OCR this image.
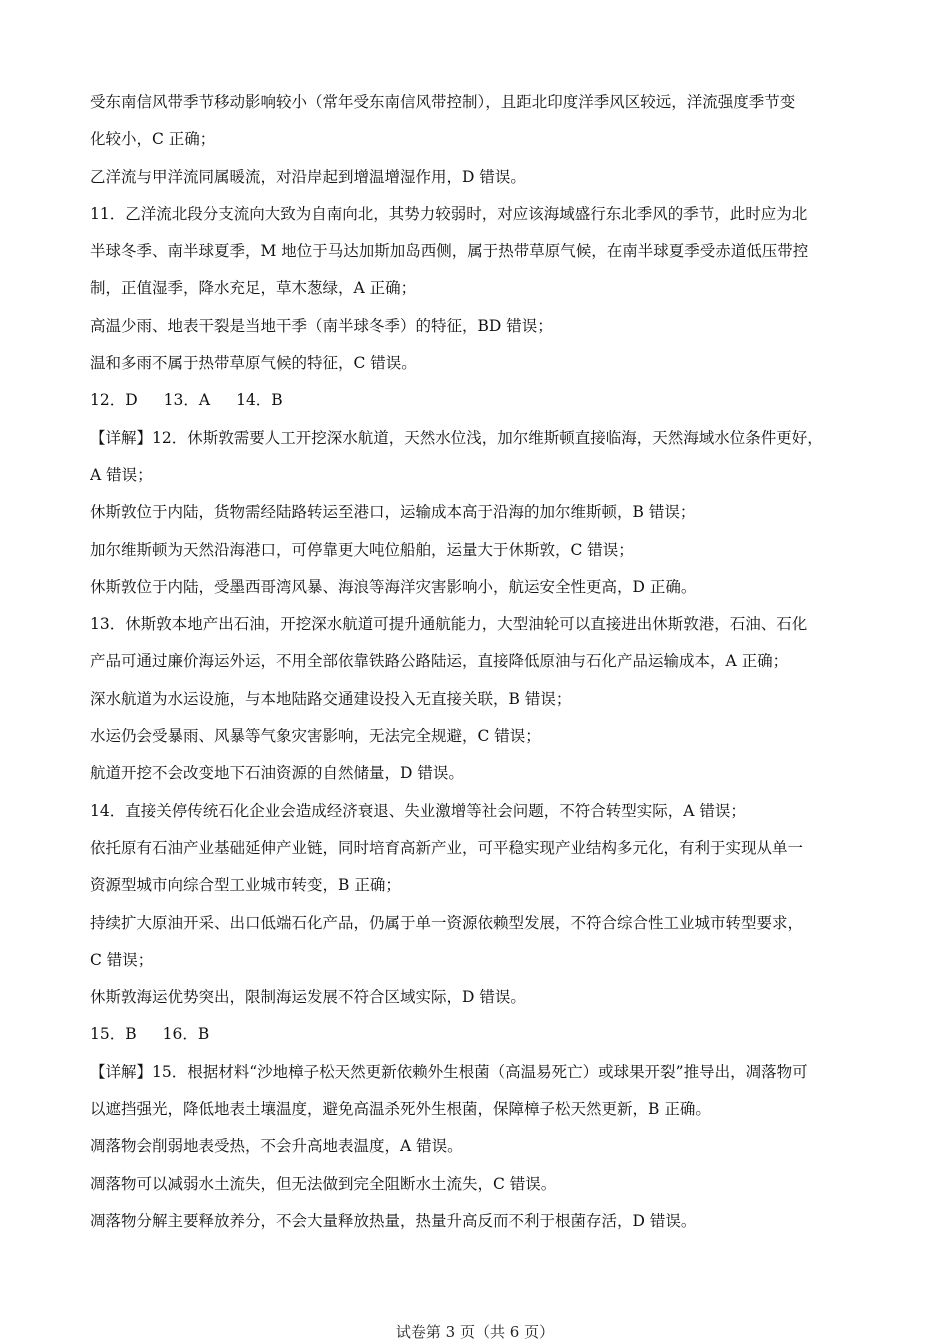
受东南信风带季节移动影响较小（常年受东南信风带控制），且距北印度洋季风区较远，洋流强度季节变
化较小，C 正确；
乙洋流与甲洋流同属暖流，对沿岸起到增温增湿作用，D 错误。
11．乙洋流北段分支流向大致为自南向北，其势力较弱时，对应该海域盛行东北季风的季节，此时应为北
半球冬季、南半球夏季，M 地位于马达加斯加岛西侧，属于热带草原气候，在南半球夏季受赤道低压带控
制，正值湿季，降水充足，草木葱绿，A 正确；
高温少雨、地表干裂是当地干季（南半球冬季）的特征，BD 错误；
温和多雨不属于热带草原气候的特征，C 错误。
12．D 13．A 14．B
【详解】12．休斯敦需要人工开挖深水航道，天然水位浅，加尔维斯顿直接临海，天然海域水位条件更好，
A 错误；
休斯敦位于内陆，货物需经陆路转运至港口，运输成本高于沿海的加尔维斯顿，B 错误；
加尔维斯顿为天然沿海港口，可停靠更大吨位船舶，运量大于休斯敦，C 错误；
休斯敦位于内陆，受墨西哥湾风暴、海浪等海洋灾害影响小，航运安全性更高，D 正确。
13．休斯敦本地产出石油，开挖深水航道可提升通航能力，大型油轮可以直接进出休斯敦港，石油、石化
产品可通过廉价海运外运，不用全部依靠铁路公路陆运，直接降低原油与石化产品运输成本，A 正确；
深水航道为水运设施，与本地陆路交通建设投入无直接关联，B 错误；
水运仍会受暴雨、风暴等气象灾害影响，无法完全规避，C 错误；
航道开挖不会改变地下石油资源的自然储量，D 错误。
14．直接关停传统石化企业会造成经济衰退、失业激增等社会问题，不符合转型实际，A 错误；
依托原有石油产业基础延伸产业链，同时培育高新产业，可平稳实现产业结构多元化，有利于实现从单一
资源型城市向综合型工业城市转变，B 正确；
持续扩大原油开采、出口低端石化产品，仍属于单一资源依赖型发展，不符合综合性工业城市转型要求，
C 错误；
休斯敦海运优势突出，限制海运发展不符合区域实际，D 错误。
15．B 16．B
【详解】15．根据材料“沙地樟子松天然更新依赖外生根菌（高温易死亡）或球果开裂”推导出，凋落物可
以遮挡强光，降低地表土壤温度，避免高温杀死外生根菌，保障樟子松天然更新，B 正确。
凋落物会削弱地表受热，不会升高地表温度，A 错误。
凋落物可以减弱水土流失，但无法做到完全阻断水土流失，C 错误。
凋落物分解主要释放养分，不会大量释放热量，热量升高反而不利于根菌存活，D 错误。
试卷第 3 页（共 6 页）
